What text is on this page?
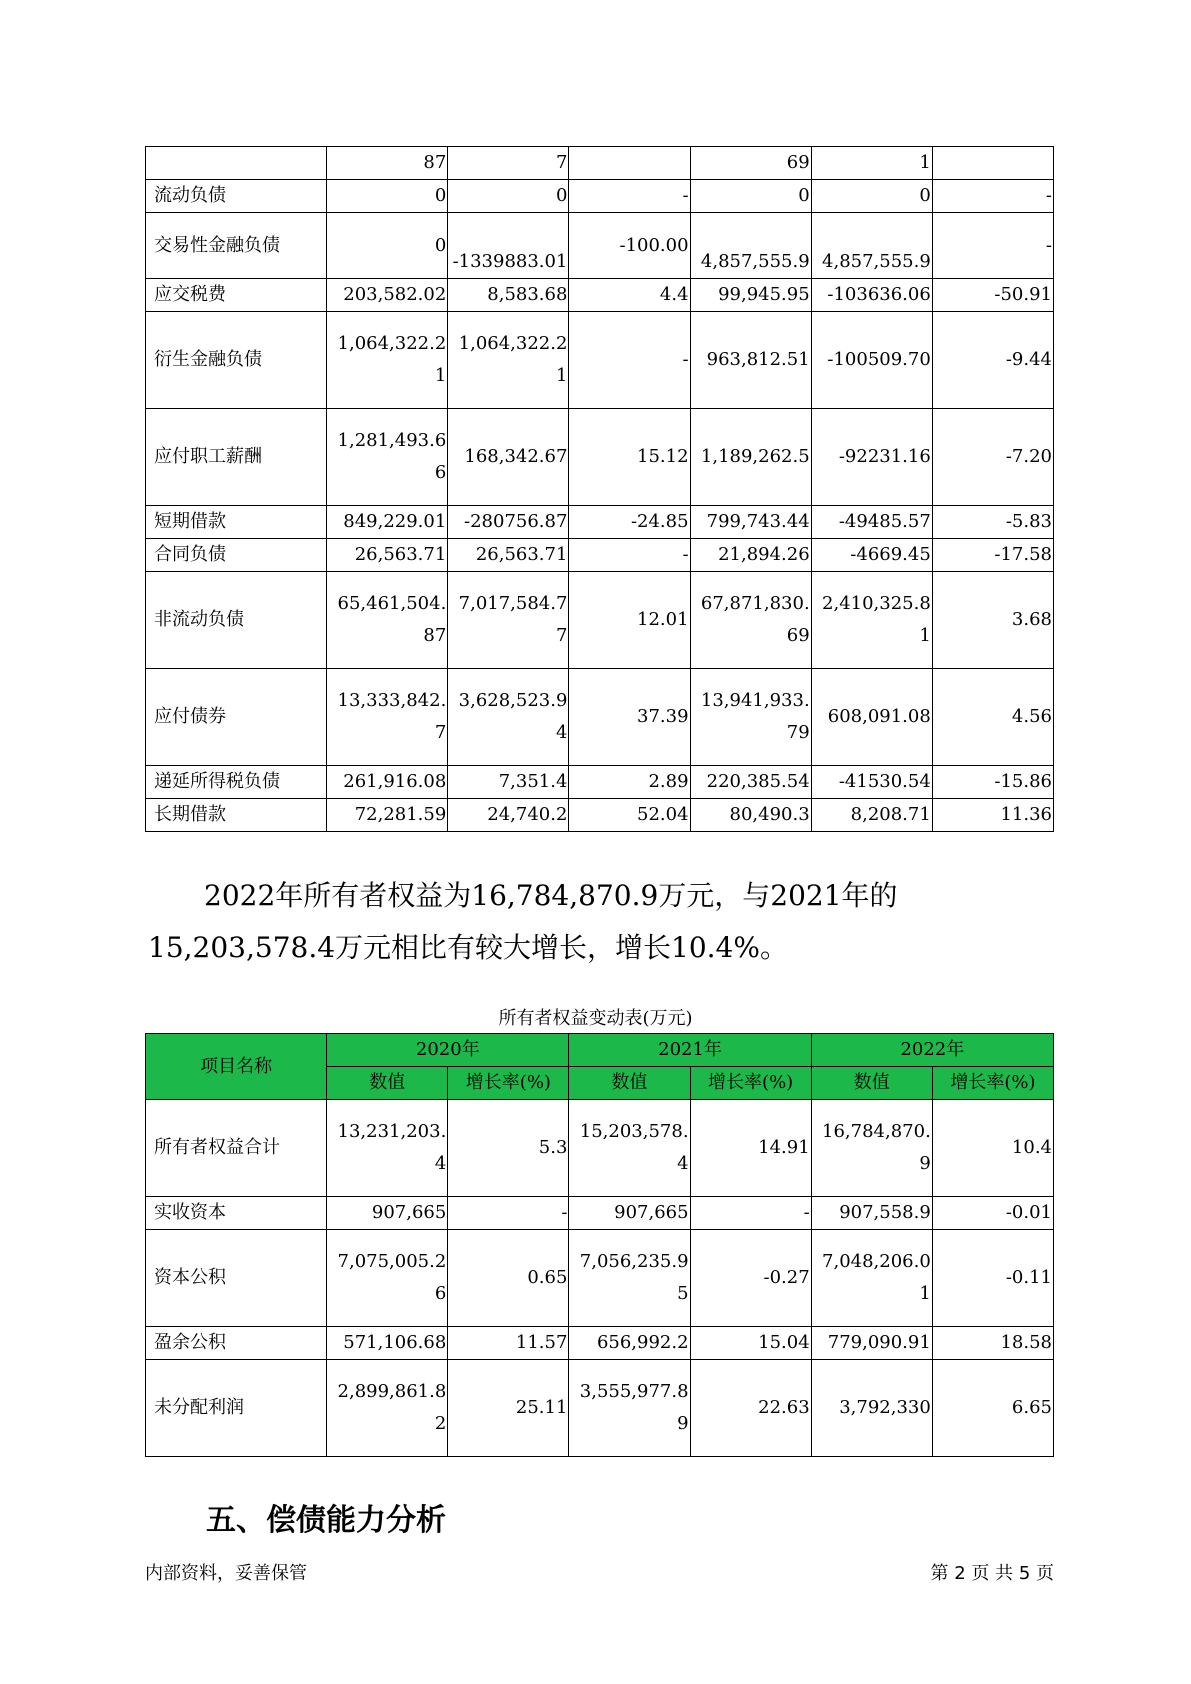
	87	7		69	1	
流动负债	0	0	-	0	0	-
交易性金融负债	0	-1339883.01	-100.00	4,857,555.9	4,857,555.9	-
应交税费	203,582.02	8,583.68	4.4	99,945.95	-103636.06	-50.91
衍生金融负债	1,064,322.21	1,064,322.21	-	963,812.51	-100509.70	-9.44
应付职工薪酬	1,281,493.66	168,342.67	15.12	1,189,262.5	-92231.16	-7.20
短期借款	849,229.01	-280756.87	-24.85	799,743.44	-49485.57	-5.83
合同负债	26,563.71	26,563.71	-	21,894.26	-4669.45	-17.58
非流动负债	65,461,504.87	7,017,584.77	12.01	67,871,830.69	2,410,325.81	3.68
应付债券	13,333,842.7	3,628,523.94	37.39	13,941,933.79	608,091.08	4.56
递延所得税负债	261,916.08	7,351.4	2.89	220,385.54	-41530.54	-15.86
长期借款	72,281.59	24,740.2	52.04	80,490.3	8,208.71	11.36
2022年所有者权益为16,784,870.9万元，与2021年的15,203,578.4万元相比有较大增长，增长10.4%。
所有者权益变动表(万元)
项目名称	2020年		2021年		2022年	
	数值	增长率(%)	数值	增长率(%)	数值	增长率(%)
所有者权益合计	13,231,203.4	5.3	15,203,578.4	14.91	16,784,870.9	10.4
实收资本	907,665	-	907,665	-	907,558.9	-0.01
资本公积	7,075,005.26	0.65	7,056,235.95	-0.27	7,048,206.01	-0.11
盈余公积	571,106.68	11.57	656,992.2	15.04	779,090.91	18.58
未分配利润	2,899,861.82	25.11	3,555,977.89	22.63	3,792,330	6.65
五、偿债能力分析
内部资料，妥善保管	第 2 页 共 5 页
